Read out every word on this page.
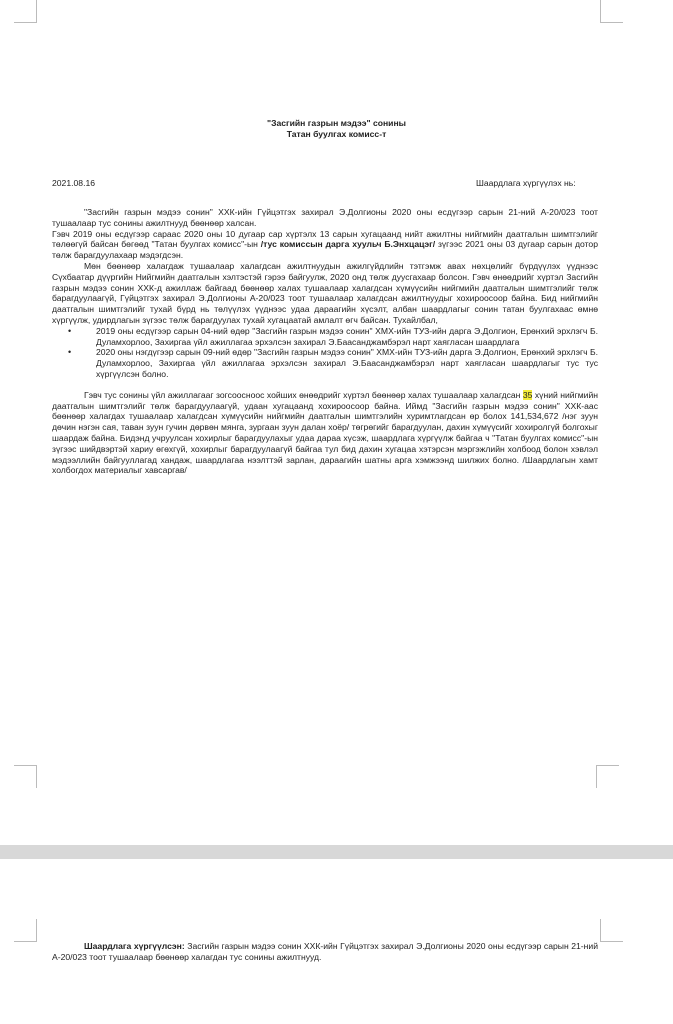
"Засгийн газрын мэдээ" сонины
Татан буулгах комисс-т
2021.08.16	Шаардлага хүргүүлэх нь:

"Засгийн газрын мэдээ сонин" ХХК-ийн Гүйцэтгэх захирал Э.Долгионы 2020 оны есдүгээр сарын 21-ний А-20/023 тоот тушаалаар тус сонины ажилтнууд бөөнөөр халсан.

Гэвч 2019 оны есдүгээр сараас 2020 оны 10 дугаар сар хүртэлх 13 сарын хугацаанд нийт ажилтны нийгмийн даатгалын шимтгэлийг төлөөгүй байсан бөгөөд "Татан буулгах комисс"-ын /тус комиссын дарга хуульч Б.Энхцацэг/ зүгээс 2021 оны 03 дугаар сарын дотор төлж барагдуулахаар мэдэгдсэн.

Мөн бөөнөөр халагдаж тушаалаар халагдсан ажилтнуудын ажилгүйдлийн тэтгэмж авах нөхцөлийг бүрдүүлэх үүднээс Сүхбаатар дүүргийн Нийгмийн даатгалын хэлтэстэй гэрээ байгуулж, 2020 онд төлж дуусгахаар болсон. Гэвч өнөөдрийг хүртэл Засгийн газрын мэдээ сонин ХХК-д ажиллаж байгаад бөөнөөр халах тушаалаар халагдсан хүмүүсийн нийгмийн даатгалын шимтгэлийг төлж барагдуулаагүй, Гүйцэтгэх захирал Э.Долгионы А-20/023 тоот тушаалаар халагдсан ажилтнуудыг хохироосоор байна. Бид нийгмийн даатгалын шимтгэлийг тухай бүрд нь төлүүлэх үүднээс удаа дараагийн хүсэлт, албан шаардлагыг сонин татан буулгахаас өмнө хүргүүлж, удирдлагын зүгээс төлж барагдуулах тухай хугацаатай амлалт өгч байсан. Тухайлбал,

• 2019 оны есдүгээр сарын 04-ний өдөр "Засгийн газрын мэдээ сонин" ХМХ-ийн ТУЗ-ийн дарга Э.Долгион, Ерөнхий эрхлэгч Б. Дуламхорлоо, Захиргаа үйл ажиллагаа эрхэлсэн захирал Э.Баасанджамбэрэл нарт хаягласан шаардлага
• 2020 оны нэгдүгээр сарын 09-ний өдөр "Засгийн газрын мэдээ сонин" ХМХ-ийн ТУЗ-ийн дарга Э.Долгион, Ерөнхий эрхлэгч Б. Дуламхорлоо, Захиргаа үйл ажиллагаа эрхэлсэн захирал Э.Баасанджамбэрэл нарт хаягласан шаардлагыг тус тус хүргүүлсэн болно.

Гэвч тус сонины үйл ажиллагааг зогсоосноос хойших өнөөдрийг хүртэл бөөнөөр халах тушаалаар халагдсан 35 хүний нийгмийн даатгалын шимтгэлийг төлж барагдуулаагүй, удаан хугацаанд хохироосоор байна. Иймд "Засгийн газрын мэдээ сонин" ХХК-аас бөөнөөр халагдах тушаалаар халагдсан хүмүүсийн нийгмийн даатгалын шимтгэлийн хуримтлагдсан өр болох 141,534,672 /нэг зуун дөчин нэгэн сая, таван зуун гучин дөрвөн мянга, зургаан зуун далан хоёр/ төгрөгийг барагдуулан, дахин хүмүүсийг хохиролгүй болгохыг шаардаж байна. Бидэнд учруулсан хохирлыг барагдуулахыг удаа дараа хүсэж, шаардлага хүргүүлж байгаа ч "Татан буулгах комисс"-ын зүгээс шийдвэртэй хариу өгөхгүй, хохирлыг барагдуулаагүй байгаа тул бид дахин хугацаа хэтэрсэн мэргэжлийн холбоод болон хэвлэл мэдээллийн байгууллагад хандаж, шаардлагаа нээлттэй зарлан, дараагийн шатны арга хэмжээнд шилжих болно. /Шаардлагын хамт холбогдох материалыг хавсаргав/

Шаардлага хүргүүлсэн: Засгийн газрын мэдээ сонин ХХК-ийн Гүйцэтгэх захирал Э.Долгионы 2020 оны есдүгээр сарын 21-ний А-20/023 тоот тушаалаар бөөнөөр халагдан тус сонины ажилтнууд.
